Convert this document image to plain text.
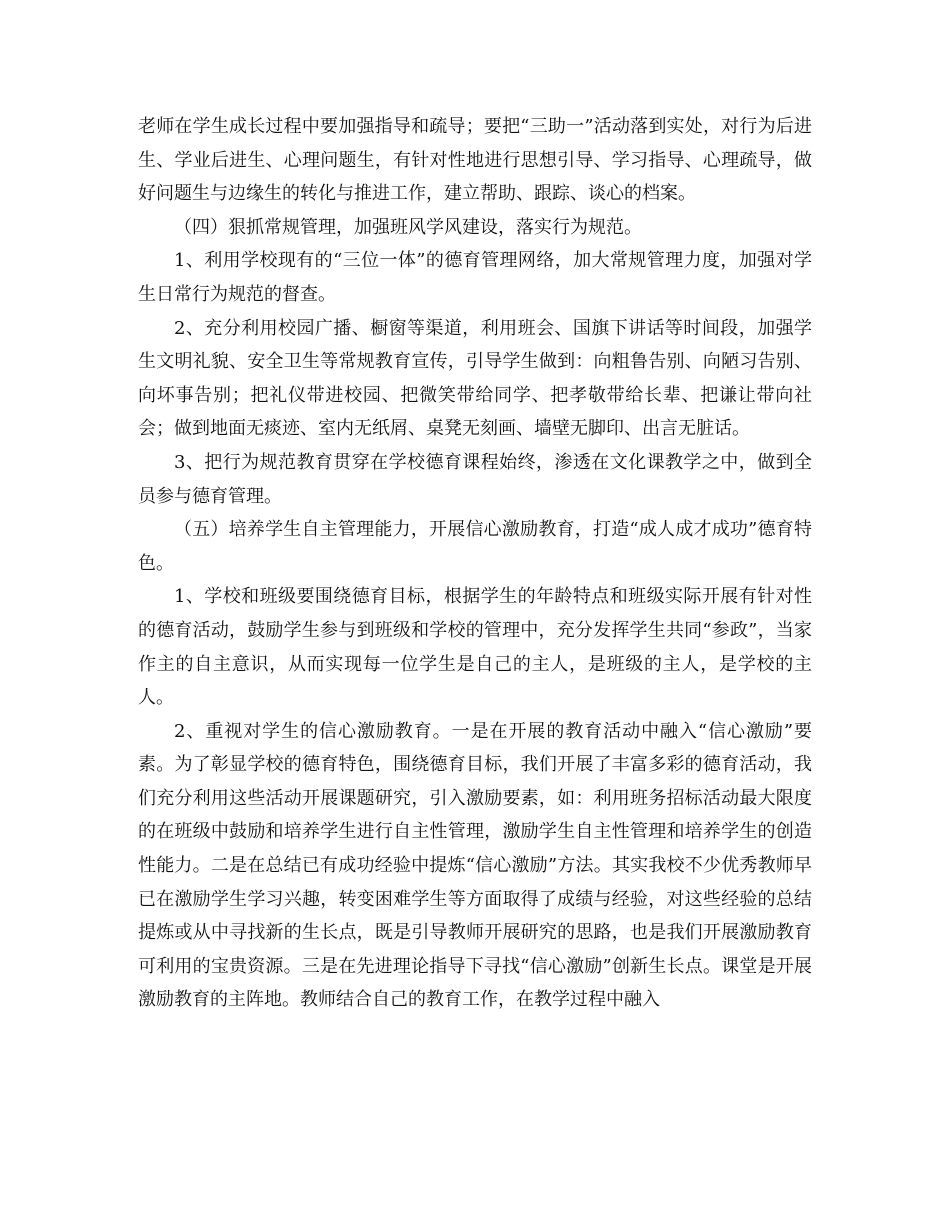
老师在学生成长过程中要加强指导和疏导；要把“三助一”活动落到实处，对行为后进生、学业后进生、心理问题生，有针对性地进行思想引导、学习指导、心理疏导，做好问题生与边缘生的转化与推进工作，建立帮助、跟踪、谈心的档案。

（四）狠抓常规管理，加强班风学风建设，落实行为规范。

1、利用学校现有的“三位一体”的德育管理网络，加大常规管理力度，加强对学生日常行为规范的督查。

2、充分利用校园广播、橱窗等渠道，利用班会、国旗下讲话等时间段，加强学生文明礼貌、安全卫生等常规教育宣传，引导学生做到：向粗鲁告别、向陋习告别、向坏事告别；把礼仪带进校园、把微笑带给同学、把孝敬带给长辈、把谦让带向社会；做到地面无痰迹、室内无纸屑、桌凳无刻画、墙壁无脚印、出言无脏话。

3、把行为规范教育贯穿在学校德育课程始终，渗透在文化课教学之中，做到全员参与德育管理。

（五）培养学生自主管理能力，开展信心激励教育，打造“成人成才成功”德育特色。

1、学校和班级要围绕德育目标，根据学生的年龄特点和班级实际开展有针对性的德育活动，鼓励学生参与到班级和学校的管理中，充分发挥学生共同“参政”，当家作主的自主意识，从而实现每一位学生是自己的主人，是班级的主人，是学校的主人。

2、重视对学生的信心激励教育。一是在开展的教育活动中融入“信心激励”要素。为了彰显学校的德育特色，围绕德育目标，我们开展了丰富多彩的德育活动，我们充分利用这些活动开展课题研究，引入激励要素，如：利用班务招标活动最大限度的在班级中鼓励和培养学生进行自主性管理，激励学生自主性管理和培养学生的创造性能力。二是在总结已有成功经验中提炼“信心激励”方法。其实我校不少优秀教师早已在激励学生学习兴趣，转变困难学生等方面取得了成绩与经验，对这些经验的总结提炼或从中寻找新的生长点，既是引导教师开展研究的思路，也是我们开展激励教育可利用的宝贵资源。三是在先进理论指导下寻找“信心激励”创新生长点。课堂是开展激励教育的主阵地。教师结合自己的教育工作，在教学过程中融入
